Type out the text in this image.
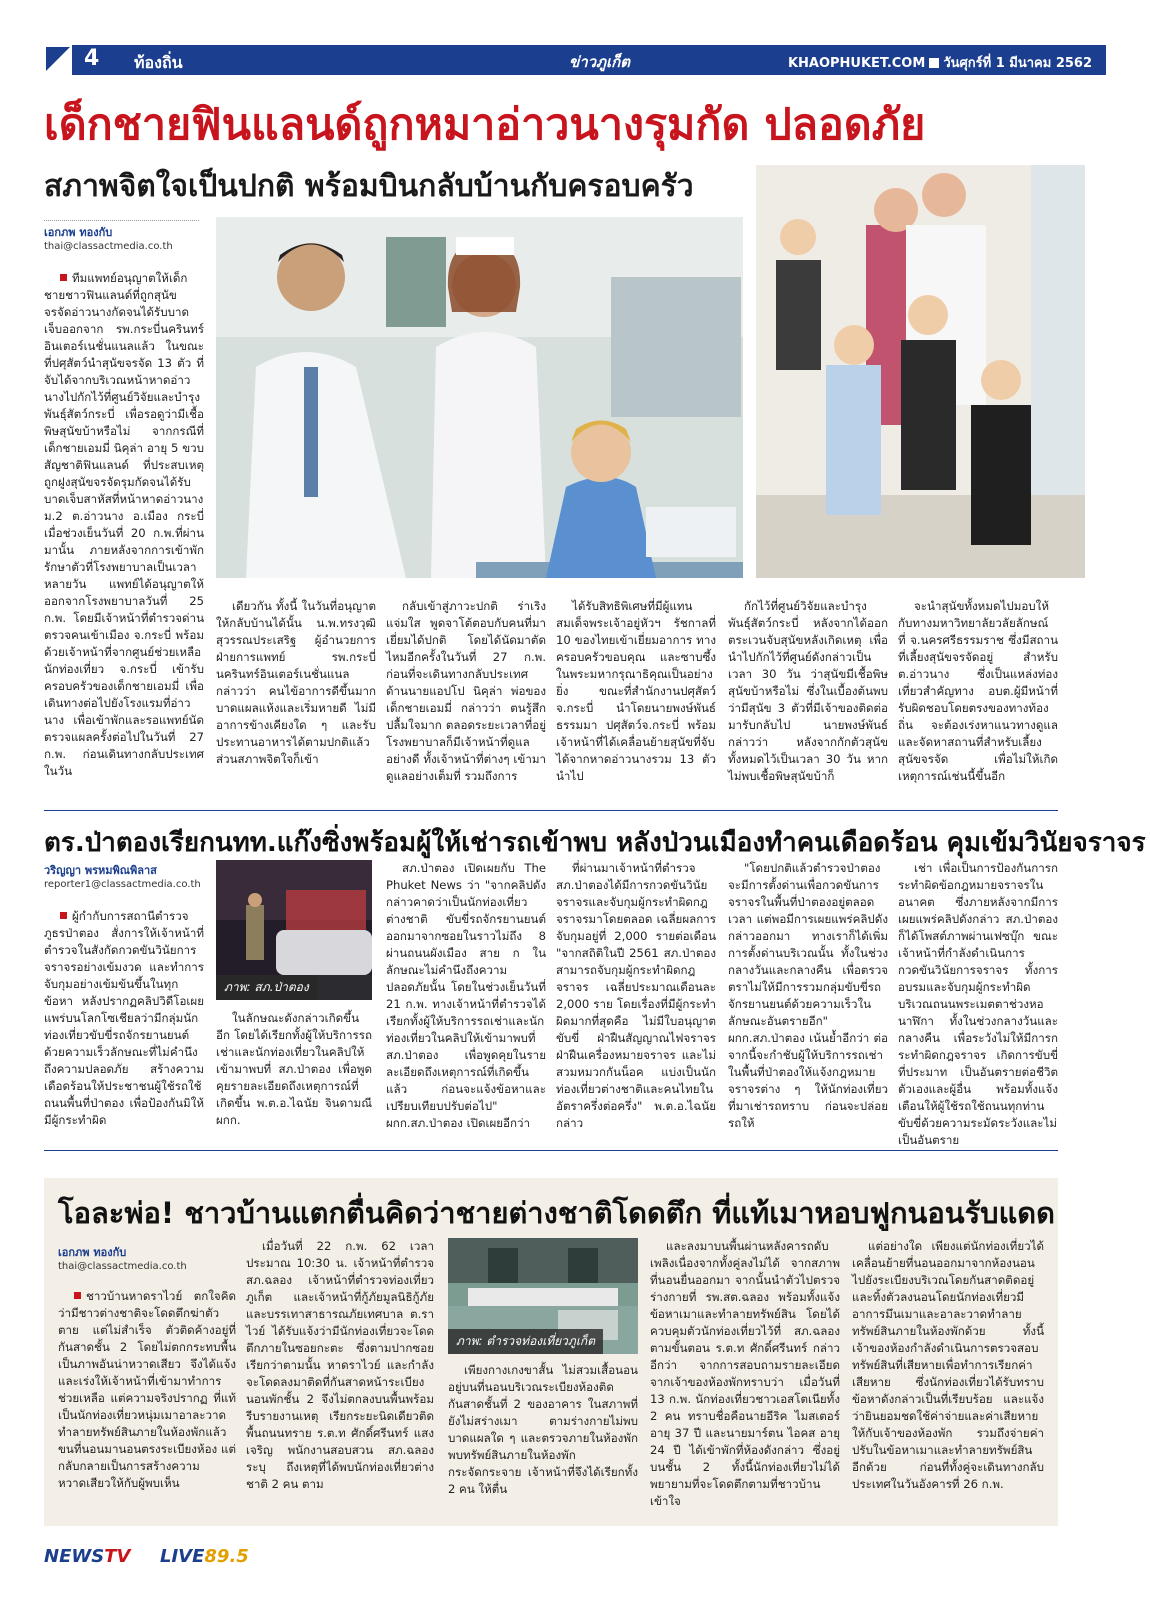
4 ท้องถิ่น	ข่าวภูเก็ต	KHAOPHUKET.COM วันศุกร์ที่ 1 มีนาคม 2562
เด็กชายฟินแลนด์ถูกหมาอ่าวนางรุมกัด ปลอดภัย
สภาพจิตใจเป็นปกติ พร้อมบินกลับบ้านกับครอบครัว
เอกภพ ทองกับ
thai@classactmedia.co.th

ทีมแพทย์อนุญาตให้เด็กชายชาวฟินแลนด์ที่ถูกสุนัขจรจัดอ่าวนางกัดจนได้รับบาดเจ็บออกจาก รพ.กระบี่นครินทร์อินเตอร์เนชั่นแนลแล้ว ในขณะที่ปศุสัตว์นำสุนัขจรจัด 13 ตัว ที่จับได้จากบริเวณหน้าหาดอ่าวนางไปกักไว้ที่ศูนย์วิจัยและบำรุงพันธุ์สัตว์กระบี่ เพื่อรอดูว่ามีเชื้อพิษสุนัขบ้าหรือไม่ จากกรณีที่เด็กชายเอมมี่ นิคุล่า อายุ 5 ขวบ สัญชาติฟินแลนด์ ที่ประสบเหตุถูกฝูงสุนัขจรจัดรุมกัดจนได้รับบาดเจ็บสาหัสที่หน้าหาดอ่าวนาง ม.2 ต.อ่าวนาง อ.เมือง กระบี่ เมื่อช่วงเย็นวันที่ 20 ก.พ.ที่ผ่านมานั้น ภายหลังจากการเข้าพักรักษาตัวที่โรงพยาบาลเป็นเวลาหลายวัน แพทย์ได้อนุญาตให้ออกจากโรงพยาบาลวันที่ 25 ก.พ. โดยมีเจ้าหน้าที่ตำรวจด่านตรวจคนเข้าเมือง จ.กระบี่ พร้อมด้วยเจ้าหน้าที่จากศูนย์ช่วยเหลือนักท่องเที่ยว จ.กระบี่ เข้ารับครอบครัวของเด็กชายเอมมี่ เพื่อเดินทางต่อไปยังโรงแรมที่อ่าวนาง เพื่อเข้าพักและรอแพทย์นัดตรวจแผลครั้งต่อไปในวันที่ 27 ก.พ. ก่อนเดินทางกลับประเทศในวัน

เดียวกัน ทั้งนี้ ในวันที่อนุญาตให้กลับบ้านได้นั้น น.พ.ทรงวุฒิ สุวรรณประเสริฐ ผู้อำนวยการฝ่ายการแพทย์ รพ.กระบี่นครินทร์อินเตอร์เนชั่นแนล กล่าวว่า คนไข้อาการดีขึ้นมาก บาดแผลแห้งและเริ่มหายดี ไม่มีอาการข้างเคียงใด ๆ และรับประทานอาหารได้ตามปกติแล้ว ส่วนสภาพจิตใจก็เข้า

กลับเข้าสู่ภาวะปกติ ร่าเริงแจ่มใส พูดจาโต้ตอบกับคนที่มาเยี่ยมได้ปกติ โดยได้นัดมาตัดไหมอีกครั้งในวันที่ 27 ก.พ. ก่อนที่จะเดินทางกลับประเทศ ด้านนายแอปโป นิคุล่า พ่อของเด็กชายเอมมี่ กล่าวว่า ตนรู้สึกปลื้มใจมาก ตลอดระยะเวลาที่อยู่โรงพยาบาลก็มีเจ้าหน้าที่ดูแลอย่างดี ทั้งเจ้าหน้าที่ต่างๆ เข้ามาดูแลอย่างเต็มที่ รวมถึงการ

ได้รับสิทธิพิเศษที่มีผู้แทนสมเด็จพระเจ้าอยู่หัวฯ รัชกาลที่ 10 ของไทยเข้าเยี่ยมอาการ ทางครอบครัวขอบคุณ และซาบซึ้งในพระมหากรุณาธิคุณเป็นอย่างยิ่ง ขณะที่สำนักงานปศุสัตว์ จ.กระบี่ นำโดยนายพงษ์พันธ์ ธรรมมา ปศุสัตว์จ.กระบี่ พร้อมเจ้าหน้าที่ได้เคลื่อนย้ายสุนัขที่จับได้จากหาดอ่าวนางรวม 13 ตัว นำไป

กักไว้ที่ศูนย์วิจัยและบำรุงพันธุ์สัตว์กระบี่ หลังจากได้ออกตระเวนจับสุนัขหลังเกิดเหตุ เพื่อนำไปกักไว้ที่ศูนย์ดังกล่าวเป็นเวลา 30 วัน ว่าสุนัขมีเชื้อพิษสุนัขบ้าหรือไม่ ซึ่งในเบื้องต้นพบว่ามีสุนัข 3 ตัวที่มีเจ้าของติดต่อมารับกลับไป นายพงษ์พันธ์ กล่าวว่า หลังจากกักตัวสุนัขทั้งหมดไว้เป็นเวลา 30 วัน หากไม่พบเชื้อพิษสุนัขบ้าก็

จะนำสุนัขทั้งหมดไปมอบให้กับทางมหาวิทยาลัยวลัยลักษณ์ ที่ จ.นครศรีธรรมราช ซึ่งมีสถานที่เลี้ยงสุนัขจรจัดอยู่ สำหรับ ต.อ่าวนาง ซึ่งเป็นแหล่งท่องเที่ยวสำคัญทาง อบต.ผู้มีหน้าที่รับผิดชอบโดยตรงของทางท้องถิ่น จะต้องเร่งหาแนวทางดูแล และจัดหาสถานที่สำหรับเลี้ยงสุนัขจรจัด เพื่อไม่ให้เกิดเหตุการณ์เช่นนี้ขึ้นอีก

ตร.ป่าตองเรียกนทท.แก๊งซิ่งพร้อมผู้ให้เช่ารถเข้าพบ หลังป่วนเมืองทำคนเดือดร้อน คุมเข้มวินัยจราจร
วริญญา พรหมพิณพิลาส
reporter1@classactmedia.co.th

ผู้กำกับการสถานีตำรวจภูธรป่าตอง สั่งการให้เจ้าหน้าที่ตำรวจในสังกัดกวดขันวินัยการจราจรอย่างเข้มงวด และทำการจับกุมอย่างเข้มข้นขึ้นในทุกข้อหา หลังปรากฏคลิปวิดีโอเผยแพร่บนโลกโซเชียลว่ามีกลุ่มนักท่องเที่ยวขับขี่รถจักรยานยนต์ด้วยความเร็วลักษณะที่ไม่คำนึงถึงความปลอดภัย สร้างความเดือดร้อนให้ประชาชนผู้ใช้รถใช้ถนนพื้นที่ป่าตอง เพื่อป้องกันมิให้มีผู้กระทำผิด

ภาพ: สภ.ป่าตอง

ในลักษณะดังกล่าวเกิดขึ้นอีก โดยได้เรียกทั้งผู้ให้บริการรถเช่าและนักท่องเที่ยวในคลิปให้เข้ามาพบที่ สภ.ป่าตอง เพื่อพูดคุยรายละเอียดถึงเหตุการณ์ที่เกิดขึ้น พ.ต.อ.ไฉนัย จินดามณี ผกก.

สภ.ป่าตอง เปิดเผยกับ The Phuket News ว่า "จากคลิปดังกล่าวคาดว่าเป็นนักท่องเที่ยวต่างชาติ ขับขี่รถจักรยานยนต์ออกมาจากซอยในราวไม่ถึง 8 ผ่านถนนผังเมือง สาย ก ในลักษณะไม่คำนึงถึงความปลอดภัยนั้น โดยในช่วงเย็นวันที่ 21 ก.พ. ทางเจ้าหน้าที่ตำรวจได้เรียกทั้งผู้ให้บริการรถเช่าและนักท่องเที่ยวในคลิปให้เข้ามาพบที่ สภ.ป่าตอง เพื่อพูดคุยในรายละเอียดถึงเหตุการณ์ที่เกิดขึ้นแล้ว ก่อนจะแจ้งข้อหาและเปรียบเทียบปรับต่อไป" ผกก.สภ.ป่าตอง เปิดเผยอีกว่า

ที่ผ่านมาเจ้าหน้าที่ตำรวจ สภ.ป่าตองได้มีการกวดขันวินัยจราจรและจับกุมผู้กระทำผิดกฎจราจรมาโดยตลอด เฉลี่ยผลการจับกุมอยู่ที่ 2,000 รายต่อเดือน "จากสถิติในปี 2561 สภ.ป่าตอง สามารถจับกุมผู้กระทำผิดกฎจราจร เฉลี่ยประมาณเดือนละ 2,000 ราย โดยเรื่องที่มีผู้กระทำผิดมากที่สุดคือ ไม่มีใบอนุญาตขับขี่ ฝ่าฝืนสัญญาณไฟจราจร ฝ่าฝืนเครื่องหมายจราจร และไม่สวมหมวกกันน็อค แบ่งเป็นนักท่องเที่ยวต่างชาติและคนไทยในอัตราครึ่งต่อครึ่ง" พ.ต.อ.ไฉนัย กล่าว

"โดยปกติแล้วตำรวจป่าตองจะมีการตั้งด่านเพื่อกวดขันการจราจรในพื้นที่ป่าตองอยู่ตลอดเวลา แต่พอมีการเผยแพร่คลิปดังกล่าวออกมา ทางเราก็ได้เพิ่มการตั้งด่านบริเวณนั้น ทั้งในช่วงกลางวันและกลางคืน เพื่อตรวจตราไม่ให้มีการรวมกลุ่มขับขี่รถจักรยานยนต์ด้วยความเร็วในลักษณะอันตรายอีก" ผกก.สภ.ป่าตอง เน้นย้ำอีกว่า ต่อจากนี้จะกำชับผู้ให้บริการรถเช่าในพื้นที่ป่าตองให้แจ้งกฎหมายจราจรต่าง ๆ ให้นักท่องเที่ยวที่มาเช่ารถทราบ ก่อนจะปล่อยรถให้

เช่า เพื่อเป็นการป้องกันการกระทำผิดข้อกฎหมายจราจรในอนาคต ซึ่งภายหลังจากมีการเผยแพร่คลิปดังกล่าว สภ.ป่าตอง ก็ได้โพสต์ภาพผ่านเฟซบุ๊ก ขณะเจ้าหน้าที่กำลังดำเนินการกวดขันวินัยการจราจร ทั้งการอบรมและจับกุมผู้กระทำผิด บริเวณถนนพระเมตตาช่วงหอนาฬิกา ทั้งในช่วงกลางวันและกลางคืน เพื่อระวังไม่ให้มีการกระทำผิดกฎจราจร เกิดการขับขี่ที่ประมาท เป็นอันตรายต่อชีวิตตัวเองและผู้อื่น พร้อมทั้งแจ้งเตือนให้ผู้ใช้รถใช้ถนนทุกท่านขับขี่ด้วยความระมัดระวังและไม่เป็นอันตราย

โอละพ่อ! ชาวบ้านแตกตื่นคิดว่าชายต่างชาติโดดตึก ที่แท้เมาหอบฟูกนอนรับแดด
เอกภพ ทองกับ
thai@classactmedia.co.th

ชาวบ้านหาดราไวย์ ตกใจคิดว่ามีชาวต่างชาติจะโดดตึกฆ่าตัวตาย แต่ไม่สำเร็จ ตัวติดค้างอยู่ที่กันสาดชั้น 2 โดยไม่ตกกระทบพื้น เป็นภาพอันน่าหวาดเสียว จึงได้แจ้งและเร่งให้เจ้าหน้าที่เข้ามาทำการช่วยเหลือ แต่ความจริงปรากฏ ที่แท้เป็นนักท่องเที่ยวหนุ่มเมาอาละวาดทำลายทรัพย์สินภายในห้องพักแล้วขนที่นอนมานอนตรงระเบียงห้อง แต่กลับกลายเป็นการสร้างความหวาดเสียวให้กับผู้พบเห็น

เมื่อวันที่ 22 ก.พ. 62 เวลาประมาณ 10:30 น. เจ้าหน้าที่ตำรวจ สภ.ฉลอง เจ้าหน้าที่ตำรวจท่องเที่ยวภูเก็ต และเจ้าหน้าที่กู้ภัยมูลนิธิกู้ภัยและบรรเทาสาธารณภัยเทศบาล ต.ราไวย์ ได้รับแจ้งว่ามีนักท่องเที่ยวจะโดดตึกภายในซอยกะตะ ซึ่งตามปากซอยเรียกว่าตามนั้น หาดราไวย์ และกำลังจะโดดลงมาติดที่กันสาดหน้าระเบียงนอนพักชั้น 2 จึงไม่ตกลงบนพื้นพร้อมรีบรายงานเหตุ เรียกระยะนิดเดียวติดพื้นถนนทราย ร.ต.ท ศักดิ์ศรีนทร์ แสงเจริญ พนักงานสอบสวน สภ.ฉลอง ระบุ ถึงเหตุที่ได้พบนักท่องเที่ยวต่างชาติ 2 คน ตาม

ภาพ: ตำรวจท่องเที่ยวภูเก็ต

เพียงกางเกงขาสั้น ไม่สวมเสื้อนอนอยู่บนที่นอนบริเวณระเบียงห้องติดกันสาดชั้นที่ 2 ของอาคาร ในสภาพที่ยังไม่สร่างเมา ตามร่างกายไม่พบบาดแผลใด ๆ และตรวจภายในห้องพักพบทรัพย์สินภายในห้องพักกระจัดกระจาย เจ้าหน้าที่จึงได้เรียกทั้ง 2 คน ให้ตื่น

และลงมาบนพื้นผ่านหลังคารถดับเพลิงเนื่องจากทั้งคู่ลงไม่ได้ จากสภาพที่นอนยื่นออกมา จากนั้นนำตัวไปตรวจร่างกายที่ รพ.สต.ฉลอง พร้อมทั้งแจ้งข้อหาเมาและทำลายทรัพย์สิน โดยได้ควบคุมตัวนักท่องเที่ยวไว้ที่ สภ.ฉลอง ตามขั้นตอน ร.ต.ท ศักดิ์ศรีนทร์ กล่าวอีกว่า จากการสอบถามรายละเอียดจากเจ้าของห้องพักทราบว่า เมื่อวันที่ 13 ก.พ. นักท่องเที่ยวชาวเอสโตเนียทั้ง 2 คน ทราบชื่อคือนายอีริค ไมสเตอร์ อายุ 37 ปี และนายมาร์ตน ไอคส อายุ 24 ปี ได้เข้าพักที่ห้องดังกล่าว ซึ่งอยู่บนชั้น 2 ทั้งนี้นักท่องเที่ยวไม่ได้พยายามที่จะโดดตึกตามที่ชาวบ้านเข้าใจ

แต่อย่างใด เพียงแต่นักท่องเที่ยวได้เคลื่อนย้ายที่นอนออกมาจากห้องนอนไปยังระเบียงบริเวณโดยกันสาดติดอยู่และทิ้งตัวลงนอนโดยนักท่องเที่ยวมีอาการมึนเมาและอาละวาดทำลายทรัพย์สินภายในห้องพักด้วย ทั้งนี้ เจ้าของห้องกำลังดำเนินการตรวจสอบทรัพย์สินที่เสียหายเพื่อทำการเรียกค่าเสียหาย ซึ่งนักท่องเที่ยวได้รับทราบข้อหาดังกล่าวเป็นที่เรียบร้อย และแจ้งว่ายินยอมชดใช้ค่าจ่ายและค่าเสียหายให้กับเจ้าของห้องพัก รวมถึงจ่ายค่าปรับในข้อหาเมาและทำลายทรัพย์สินอีกด้วย ก่อนที่ทั้งคู่จะเดินทางกลับประเทศในวันอังคารที่ 26 ก.พ.

NEWSTV LIVE89.5
